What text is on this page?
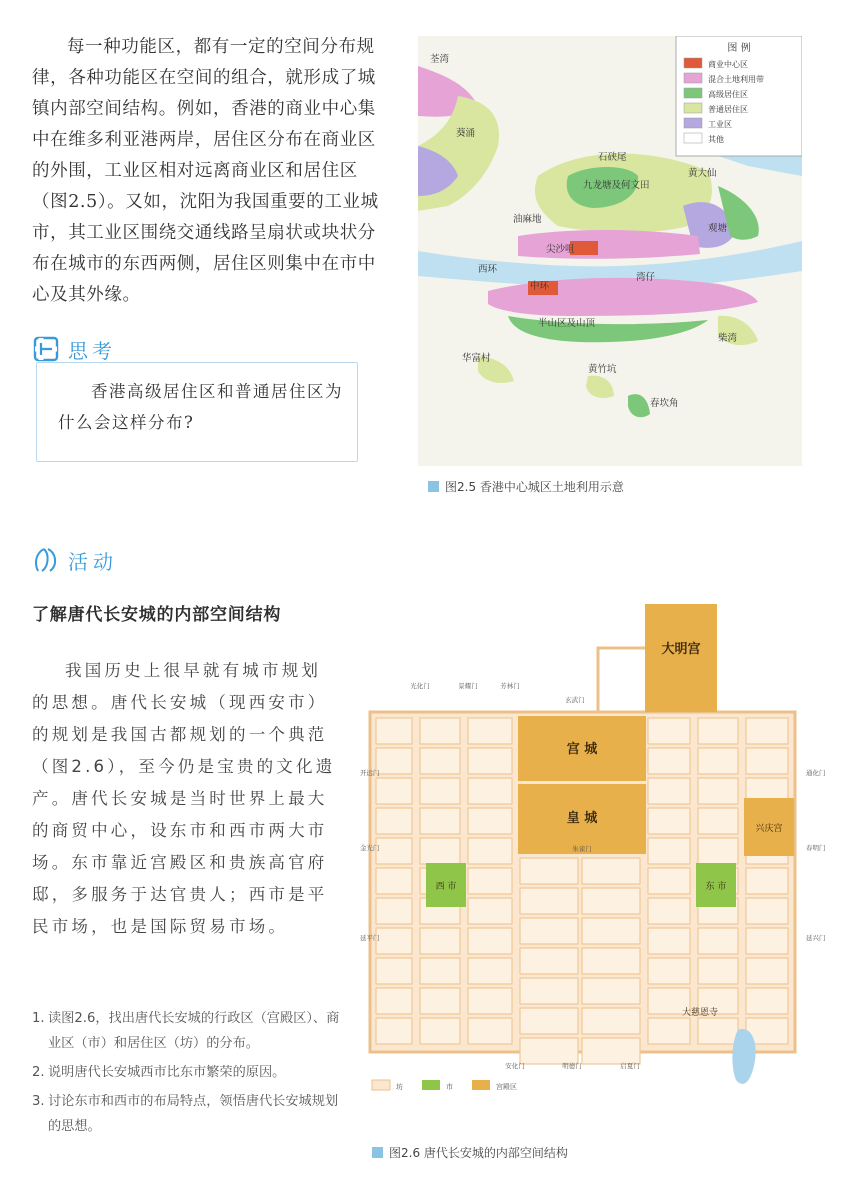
每一种功能区，都有一定的空间分布规律，各种功能区在空间的组合，就形成了城镇内部空间结构。例如，香港的商业中心集中在维多利亚港两岸，居住区分布在商业区的外围，工业区相对远离商业区和居住区（图2.5）。又如，沈阳为我国重要的工业城市，其工业区围绕交通线路呈扇状或块状分布在城市的东西两侧，居住区则集中在市中心及其外缘。
思考
香港高级居住区和普通居住区为什么会这样分布?
图 例
商业中心区
混合土地利用带
高级居住区
普通居住区
工业区
其他
荃湾
葵涌
石硖尾
九龙塘及何文田
黄大仙
油麻地
观塘
尖沙咀
西环
中环
湾仔
半山区及山顶
柴湾
华富村
黄竹坑
春坎角
图2.5 香港中心城区土地利用示意
活动
了解唐代长安城的内部空间结构
我国历史上很早就有城市规划的思想。唐代长安城（现西安市）的规划是我国古都规划的一个典范（图2.6），至今仍是宝贵的文化遗产。唐代长安城是当时世界上最大的商贸中心，设东市和西市两大市场。东市靠近宫殿区和贵族高官府邸，多服务于达官贵人；西市是平民市场，也是国际贸易市场。
1. 读图2.6，找出唐代长安城的行政区（宫殿区）、商业区（市）和居住区（坊）的分布。
2. 说明唐代长安城西市比东市繁荣的原因。
3. 讨论东市和西市的布局特点，领悟唐代长安城规划的思想。
大明宫
宫 城
皇 城
兴庆宫
西 市	东 市
大慈恩寺
光化门	景耀门	芳林门
玄武门
通化门
春明门
延兴门
开远门
金光门
延平门
安化门	明德门	启夏门
朱雀门
坊	市	宫殿区
图2.6 唐代长安城的内部空间结构
